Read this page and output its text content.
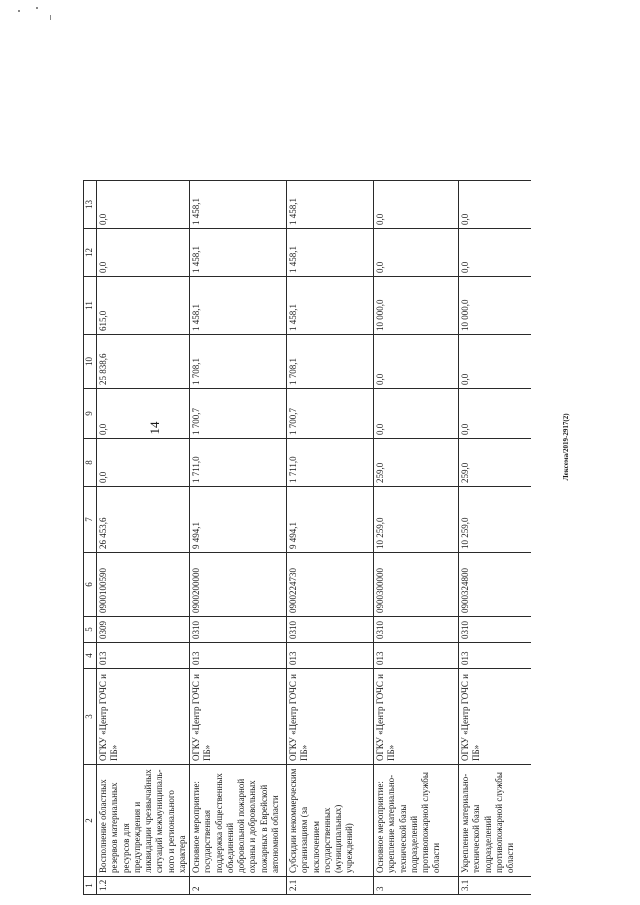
14	Лексема/2019-2917(2)
1	2	3	4	5	6	7	8	9	10	11	12	13	
1.2	Восполнение областных резервов материальных ресурсов для предупреждения и ликвидации чрезвычайных ситуаций межмуниципаль-ного и регионального характера	ОГКУ «Центр ГОЧС и ПБ»	013	0309	0900100590	26 453,6	0,0	0,0	25 838,6	615,0	0,0	0,0	
2	Основное мероприятие: государственная поддержка общественных объединений добровольной пожарной охраны и добровольных пожарных в Еврейской автономной области	ОГКУ «Центр ГОЧС и ПБ»	013	0310	0900200000	9 494,1	1 711,0	1 700,7	1 708,1	1 458,1	1 458,1	1 458,1	
2.1	Субсидии некоммерческим организациям (за исключением государственных (муниципальных) учреждений)	ОГКУ «Центр ГОЧС и ПБ»	013	0310	0900224730	9 494,1	1 711,0	1 700,7	1 708,1	1 458,1	1 458,1	1 458,1	
3	Основное мероприятие: укрепление материально-технической базы подразделений противопожарной службы области	ОГКУ «Центр ГОЧС и ПБ»	013	0310	0900300000	10 259,0	259,0	0,0	0,0	10 000,0	0,0	0,0	
3.1	Укрепление материально-технической базы подразделений противопожарной службы области	ОГКУ «Центр ГОЧС и ПБ»	013	0310	0900324800	10 259,0	259,0	0,0	0,0	10 000,0	0,0	0,0	
